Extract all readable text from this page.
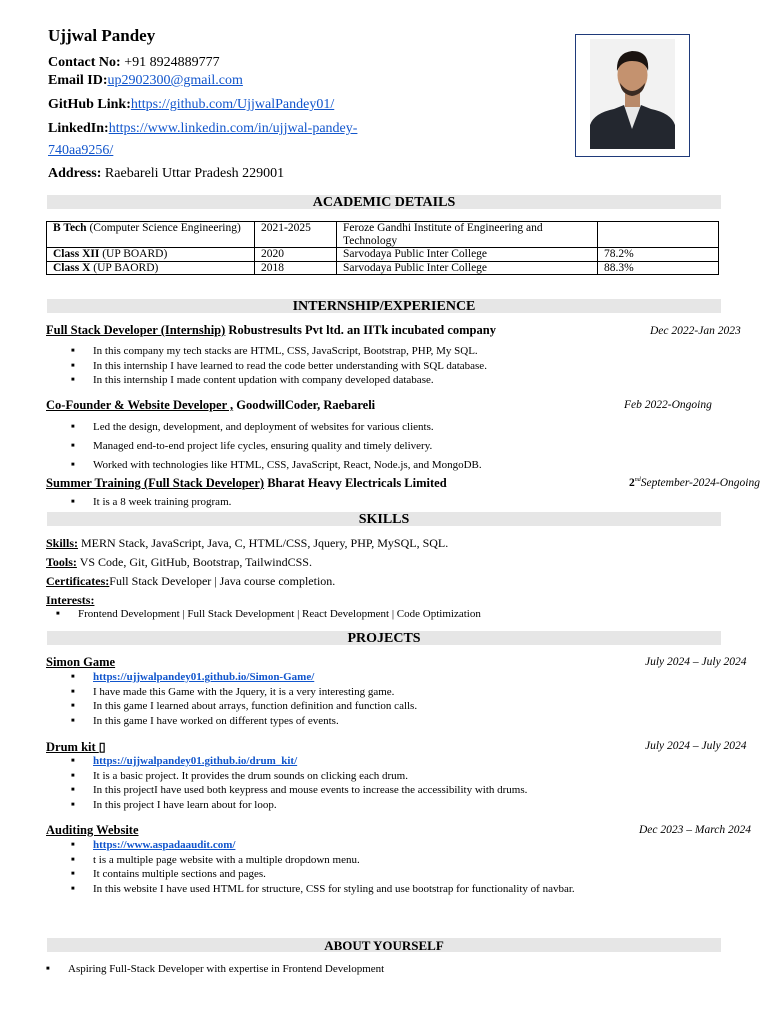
Ujjwal Pandey
Contact No: +91 8924889777
Email ID:up2902300@gmail.com
GitHub Link:https://github.com/UjjwalPandey01/
LinkedIn:https://www.linkedin.com/in/ujjwal-pandey-
740aa9256/
Address: Raebareli Uttar Pradesh 229001
ACADEMIC DETAILS
B Tech (Computer Science Engineering)	2021-2025	Feroze Gandhi Institute of Engineering and Technology	
Class XII (UP BOARD)	2020	Sarvodaya Public Inter College	78.2%
Class X (UP BAORD)	2018	Sarvodaya Public Inter College	88.3%
INTERNSHIP/EXPERIENCE
Full Stack Developer (Internship) Robustresults Pvt ltd. an IITk incubated company	Dec 2022-Jan 2023
■ In this company my tech stacks are HTML, CSS, JavaScript, Bootstrap, PHP, My SQL.
■ In this internship I have learned to read the code better understanding with SQL database.
■ In this internship I made content updation with company developed database.
Co-Founder & Website Developer , GoodwillCoder, Raebareli	Feb 2022-Ongoing
■ Led the design, development, and deployment of websites for various clients.
■ Managed end-to-end project life cycles, ensuring quality and timely delivery.
■ Worked with technologies like HTML, CSS, JavaScript, React, Node.js, and MongoDB.
Summer Training (Full Stack Developer) Bharat Heavy Electricals Limited	2ndSeptember-2024-Ongoing
■ It is a 8 week training program.
SKILLS
Skills: MERN Stack, JavaScript, Java, C, HTML/CSS, Jquery, PHP, MySQL, SQL.
Tools: VS Code, Git, GitHub, Bootstrap, TailwindCSS.
Certificates:Full Stack Developer | Java course completion.
Interests:
■ Frontend Development | Full Stack Development | React Development | Code Optimization
PROJECTS
Simon Game	July 2024 – July 2024
■ https://ujjwalpandey01.github.io/Simon-Game/
■ I have made this Game with the Jquery, it is a very interesting game.
■ In this game I learned about arrays, function definition and function calls.
■ In this game I have worked on different types of events.
Drum kit ▯	July 2024 – July 2024
■ https://ujjwalpandey01.github.io/drum_kit/
■ It is a basic project. It provides the drum sounds on clicking each drum.
■ In this projectI have used both keypress and mouse events to increase the accessibility with drums.
■ In this project I have learn about for loop.
Auditing Website	Dec 2023 – March 2024
■ https://www.aspadaaudit.com/
■ t is a multiple page website with a multiple dropdown menu.
■ It contains multiple sections and pages.
■ In this website I have used HTML for structure, CSS for styling and use bootstrap for functionality of navbar.
ABOUT YOURSELF
■ Aspiring Full-Stack Developer with expertise in Frontend Development
